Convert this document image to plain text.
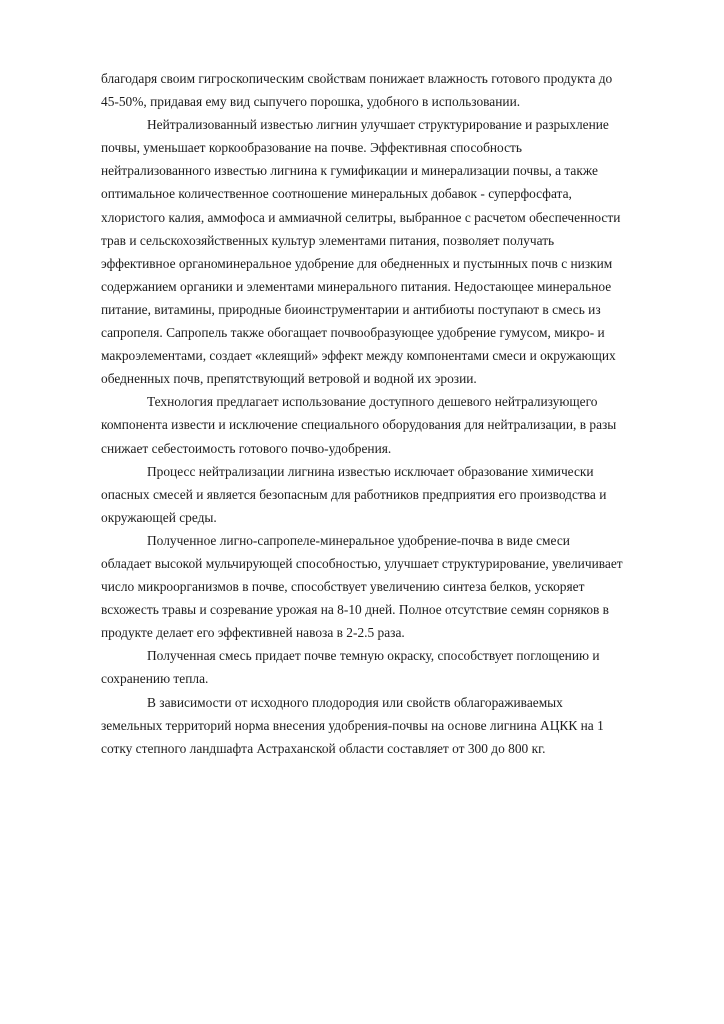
благодаря своим гигроскопическим свойствам понижает влажность готового продукта до 45-50%, придавая ему вид сыпучего порошка, удобного в использовании.

Нейтрализованный известью лигнин улучшает структурирование и разрыхление почвы, уменьшает коркообразование на почве. Эффективная способность нейтрализованного известью лигнина к гумификации и минерализации почвы, а также оптимальное количественное соотношение минеральных добавок - суперфосфата, хлористого калия, аммофоса и аммиачной селитры, выбранное с расчетом обеспеченности трав и сельскохозяйственных культур элементами питания, позволяет получать эффективное органоминеральное удобрение для обедненных и пустынных почв с низким содержанием органики и элементами минерального питания. Недостающее минеральное питание, витамины, природные биоинструментарии и антибиоты поступают в смесь из сапропеля. Сапропель также обогащает почвообразующее удобрение гумусом, микро- и макроэлементами, создает «клеящий» эффект между компонентами смеси и окружающих обедненных почв, препятствующий ветровой и водной их эрозии.

Технология предлагает использование доступного дешевого нейтрализующего компонента извести и исключение специального оборудования для нейтрализации, в разы снижает себестоимость готового почво-удобрения.

Процесс нейтрализации лигнина известью исключает образование химически опасных смесей и является безопасным для работников предприятия его производства и окружающей среды.

Полученное лигно-сапропеле-минеральное удобрение-почва в виде смеси обладает высокой мульчирующей способностью, улучшает структурирование, увеличивает число микроорганизмов в почве, способствует увеличению синтеза белков, ускоряет всхожесть травы и созревание урожая на 8-10 дней. Полное отсутствие семян сорняков в продукте делает его эффективней навоза в 2-2.5 раза.

Полученная смесь придает почве темную окраску, способствует поглощению и сохранению тепла.

В зависимости от исходного плодородия или свойств облагораживаемых земельных территорий норма внесения удобрения-почвы на основе лигнина АЦКК на 1 сотку степного ландшафта Астраханской области составляет от 300 до 800 кг.
